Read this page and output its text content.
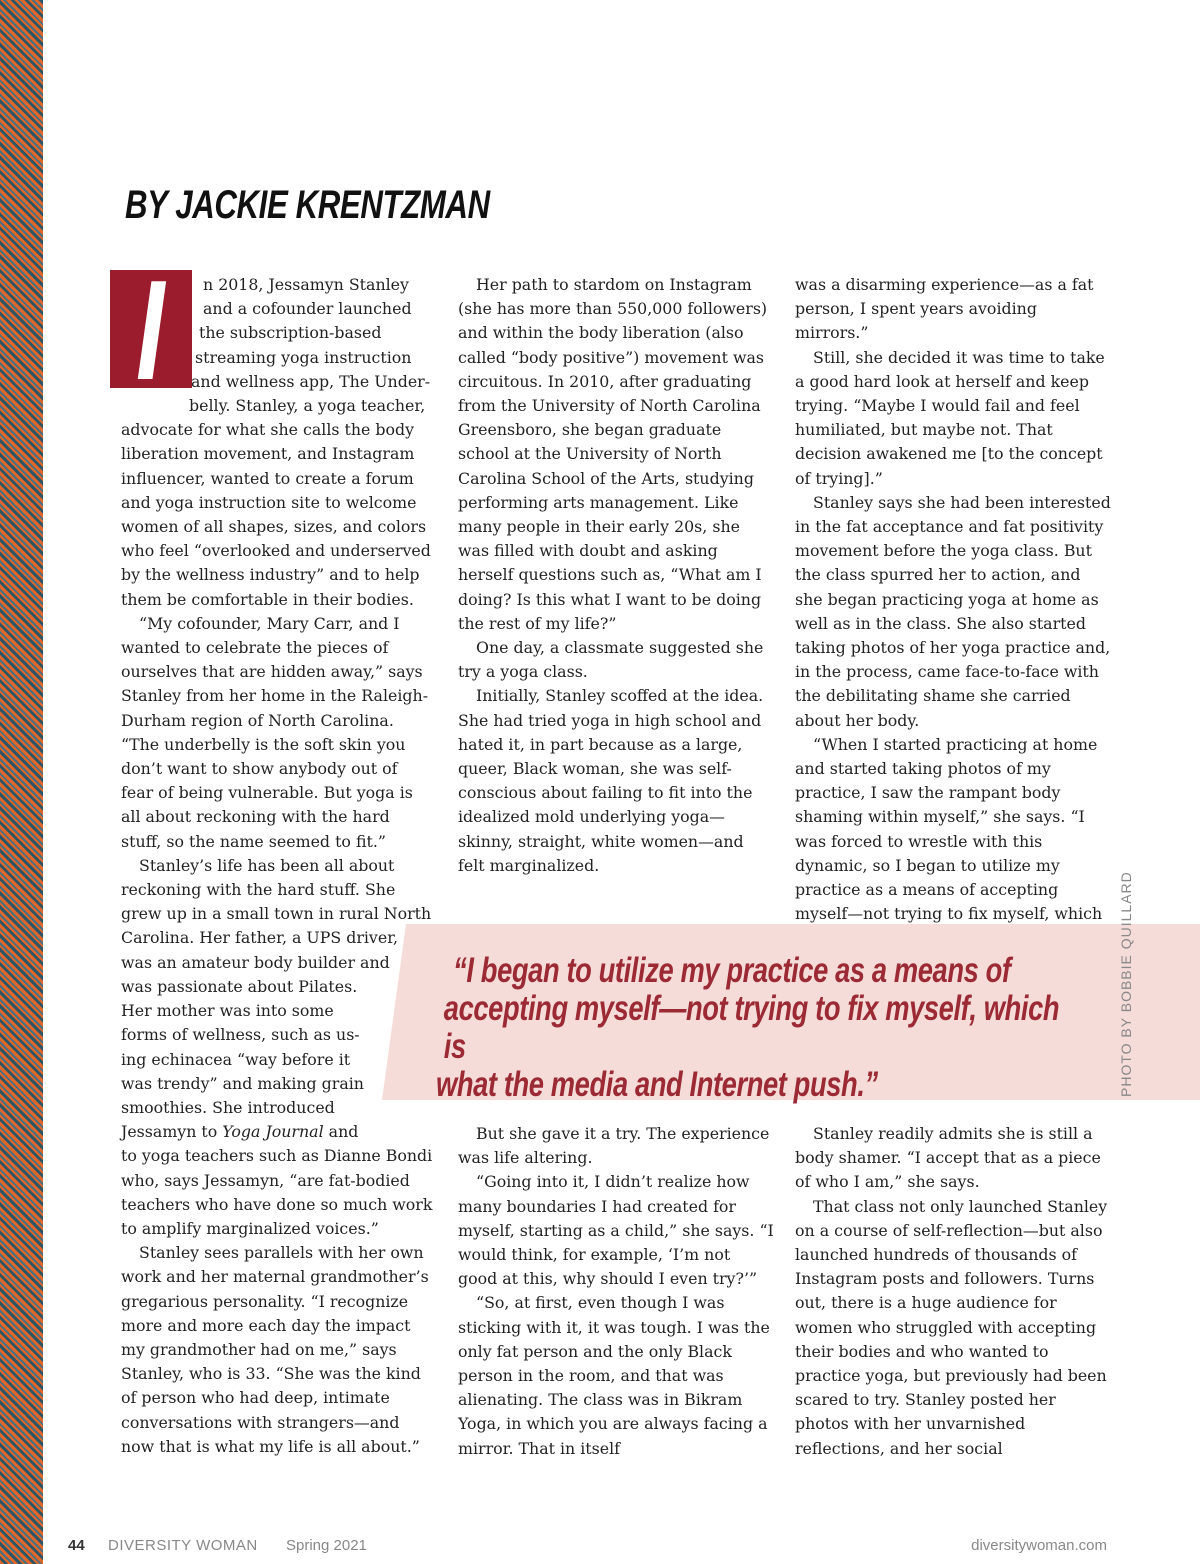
BY JACKIE KRENTZMAN
I	n 2018, Jessamyn Stanley

and a cofounder launched

the subscription-based

streaming yoga instruction

and wellness app, The Under-

belly. Stanley, a yoga teacher,

advocate for what she calls the body liberation movement, and Instagram influencer, wanted to create a forum and yoga instruction site to welcome women of all shapes, sizes, and colors who feel “overlooked and underserved by the wellness industry” and to help them be comfortable in their bodies.

“My cofounder, Mary Carr, and I wanted to celebrate the pieces of ourselves that are hidden away,” says Stanley from her home in the Raleigh-Durham region of North Carolina. “The underbelly is the soft skin you don’t want to show anybody out of fear of being vulnerable. But yoga is all about reckoning with the hard stuff, so the name seemed to fit.”

Stanley’s life has been all about

reckoning with the hard stuff. She

grew up in a small town in rural North

Carolina. Her father, a UPS driver,

was an amateur body builder and

was passionate about Pilates.

Her mother was into some

forms of wellness, such as us-

ing echinacea “way before it

was trendy” and making grain

smoothies. She introduced

Jessamyn to Yoga Journal and

to yoga teachers such as Dianne Bondi who, says Jessamyn, “are fat-bodied teachers who have done so much work to amplify marginalized voices.”

Stanley sees parallels with her own work and her maternal grandmother’s gregarious personality. “I recognize more and more each day the impact my grandmother had on me,” says Stanley, who is 33. “She was the kind of person who had deep, intimate conversations with strangers—and now that is what my life is all about.”

Her path to stardom on Instagram (she has more than 550,000 followers) and within the body liberation (also called “body positive”) movement was circuitous. In 2010, after graduating from the University of North Carolina Greensboro, she began graduate school at the University of North Carolina School of the Arts, studying performing arts management. Like many people in their early 20s, she was filled with doubt and asking herself questions such as, “What am I doing? Is this what I want to be doing the rest of my life?”

One day, a classmate suggested she try a yoga class.

Initially, Stanley scoffed at the idea. She had tried yoga in high school and hated it, in part because as a large, queer, Black woman, she was self-conscious about failing to fit into the idealized mold underlying yoga—skinny, straight, white women—and felt marginalized.

was a disarming experience—as a fat person, I spent years avoiding mirrors.”

Still, she decided it was time to take a good hard look at herself and keep trying. “Maybe I would fail and feel humiliated, but maybe not. That decision awakened me [to the concept of trying].”

Stanley says she had been interested in the fat acceptance and fat positivity movement before the yoga class. But the class spurred her to action, and she began practicing yoga at home as well as in the class. She also started taking photos of her yoga practice and, in the process, came face-to-face with the debilitating shame she carried about her body.

“When I started practicing at home and started taking photos of my practice, I saw the rampant body shaming within myself,” she says. “I was forced to wrestle with this dynamic, so I began to utilize my practice as a means of accepting myself—not trying to fix myself, which

“I began to utilize my practice as a means of
accepting myself—not trying to fix myself, which is
what the media and Internet push.”

But she gave it a try. The experience was life altering.

“Going into it, I didn’t realize how many boundaries I had created for myself, starting as a child,” she says. “I would think, for example, ‘I’m not good at this, why should I even try?’”

“So, at first, even though I was sticking with it, it was tough. I was the only fat person and the only Black person in the room, and that was alienating. The class was in Bikram Yoga, in which you are always facing a mirror. That in itself

Stanley readily admits she is still a body shamer. “I accept that as a piece of who I am,” she says.

That class not only launched Stanley on a course of self-reflection—but also launched hundreds of thousands of Instagram posts and followers. Turns out, there is a huge audience for women who struggled with accepting their bodies and who wanted to practice yoga, but previously had been scared to try. Stanley posted her photos with her unvarnished reflections, and her social

PHOTO BY BOBBIE QUILLARD
44 DIVERSITY WOMAN Spring 2021	diversitywoman.com
